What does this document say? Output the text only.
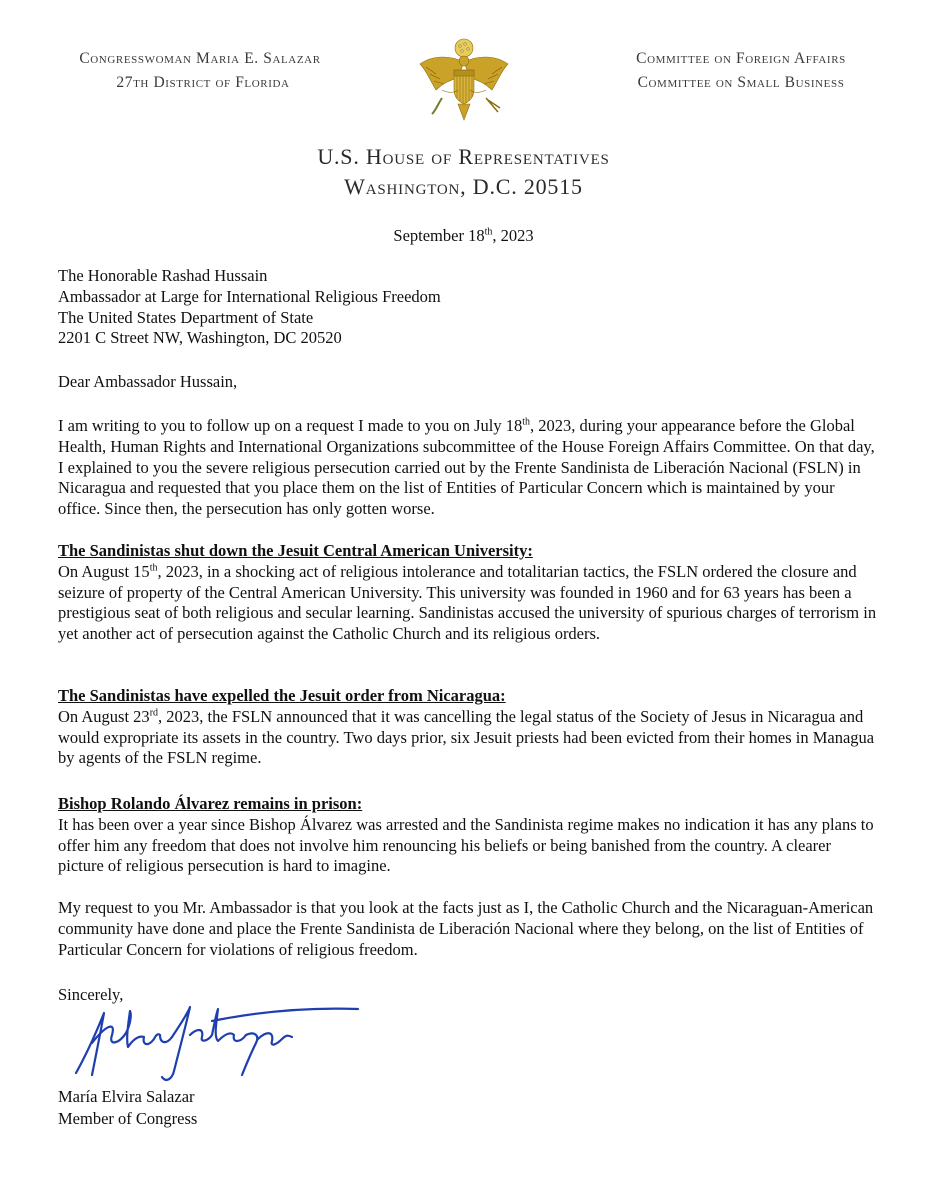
Congresswoman Maria E. Salazar
27th District of Florida
Committee on Foreign Affairs
Committee on Small Business
U.S. House of Representatives
Washington, D.C. 20515
September 18th, 2023
The Honorable Rashad Hussain
Ambassador at Large for International Religious Freedom
The United States Department of State
2201 C Street NW, Washington, DC 20520
Dear Ambassador Hussain,
I am writing to you to follow up on a request I made to you on July 18th, 2023, during your appearance before the Global Health, Human Rights and International Organizations subcommittee of the House Foreign Affairs Committee. On that day, I explained to you the severe religious persecution carried out by the Frente Sandinista de Liberación Nacional (FSLN) in Nicaragua and requested that you place them on the list of Entities of Particular Concern which is maintained by your office. Since then, the persecution has only gotten worse.
The Sandinistas shut down the Jesuit Central American University:
On August 15th, 2023, in a shocking act of religious intolerance and totalitarian tactics, the FSLN ordered the closure and seizure of property of the Central American University. This university was founded in 1960 and for 63 years has been a prestigious seat of both religious and secular learning. Sandinistas accused the university of spurious charges of terrorism in yet another act of persecution against the Catholic Church and its religious orders.
The Sandinistas have expelled the Jesuit order from Nicaragua:
On August 23rd, 2023, the FSLN announced that it was cancelling the legal status of the Society of Jesus in Nicaragua and would expropriate its assets in the country. Two days prior, six Jesuit priests had been evicted from their homes in Managua by agents of the FSLN regime.
Bishop Rolando Álvarez remains in prison:
It has been over a year since Bishop Álvarez was arrested and the Sandinista regime makes no indication it has any plans to offer him any freedom that does not involve him renouncing his beliefs or being banished from the country. A clearer picture of religious persecution is hard to imagine.
My request to you Mr. Ambassador is that you look at the facts just as I, the Catholic Church and the Nicaraguan-American community have done and place the Frente Sandinista de Liberación Nacional where they belong, on the list of Entities of Particular Concern for violations of religious freedom.
Sincerely,
María Elvira Salazar
Member of Congress
